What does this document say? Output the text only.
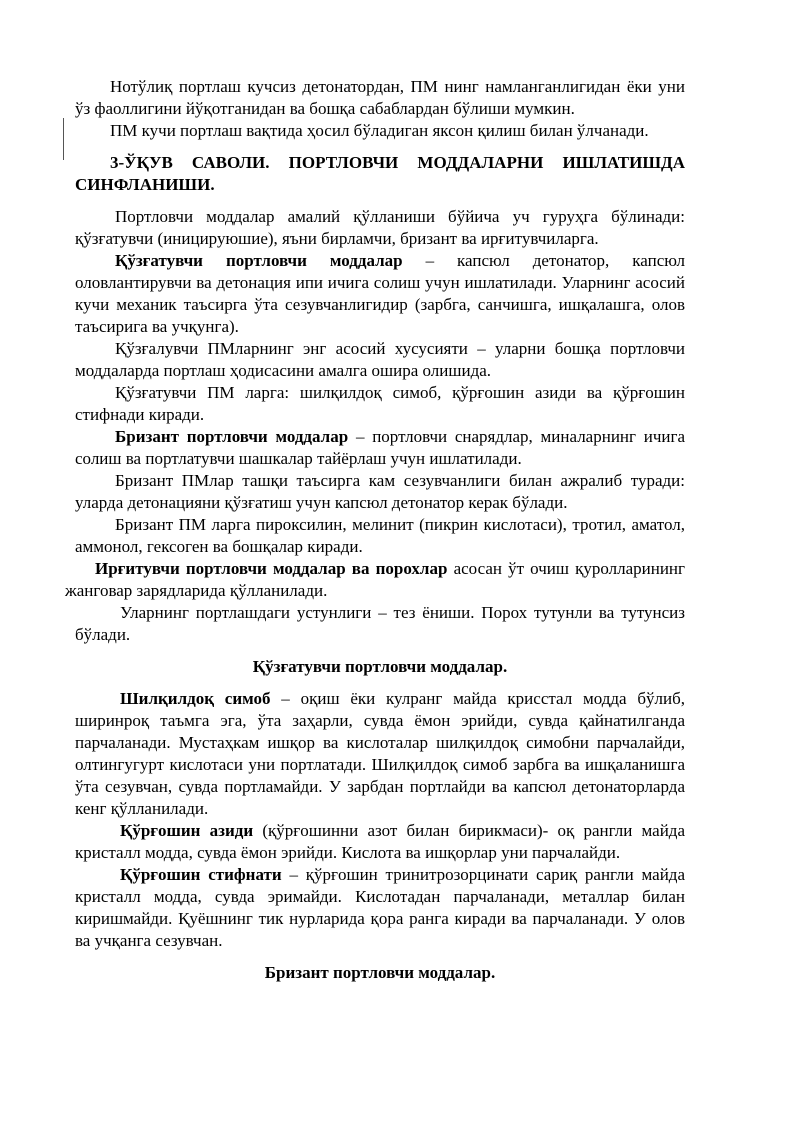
Нотўлиқ портлаш кучсиз детонатордан, ПМ нинг намланганлигидан ёки уни ўз фаоллигини йўқотганидан ва бошқа сабаблардан бўлиши мумкин.

ПМ кучи портлаш вақтида ҳосил бўладиган яксон қилиш билан ўлчанади.

3-ЎҚУВ САВОЛИ. ПОРТЛОВЧИ МОДДАЛАРНИ ИШЛАТИШДА СИНФЛАНИШИ.

Портловчи моддалар амалий қўлланиши бўйича уч гуруҳга бўлинади: қўзғатувчи (иницируюшие), яъни бирламчи, бризант ва ирғитувчиларга.

Қўзғатувчи портловчи моддалар – капсюл детонатор, капсюл оловлантирувчи ва детонация ипи ичига солиш учун ишлатилади. Уларнинг асосий кучи механик таъсирга ўта сезувчанлигидир (зарбга, санчишга, ишқалашга, олов таъсирига ва учқунга).

Қўзғалувчи ПМларнинг энг асосий хусусияти – уларни бошқа портловчи моддаларда портлаш ҳодисасини амалга ошира олишида.

Қўзғатувчи ПМ ларга: шилқилдоқ симоб, қўрғошин азиди ва қўрғошин стифнади киради.

Бризант портловчи моддалар – портловчи снарядлар, миналарнинг ичига солиш ва портлатувчи шашкалар тайёрлаш учун ишлатилади.

Бризант ПМлар ташқи таъсирга кам сезувчанлиги билан ажралиб туради: уларда детонацияни қўзғатиш учун капсюл детонатор керак бўлади.

Бризант ПМ ларга пироксилин, мелинит (пикрин кислотаси), тротил, аматол, аммонол, гексоген ва бошқалар киради.

Ирғитувчи портловчи моддалар ва порохлар асосан ўт очиш қуролларининг жанговар зарядларида қўлланилади.

Уларнинг портлашдаги устунлиги – тез ёниши. Порох тутунли ва тутунсиз бўлади.

Қўзғатувчи портловчи моддалар.

Шилқилдоқ симоб – оқиш ёки кулранг майда крисстал модда бўлиб, ширинроқ таъмга эга, ўта заҳарли, сувда ёмон эрийди, сувда қайнатилганда парчаланади. Мустаҳкам ишқор ва кислоталар шилқилдоқ симобни парчалайди, олтингугурт кислотаси уни портлатади. Шилқилдоқ симоб зарбга ва ишқаланишга ўта сезувчан, сувда портламайди. У зарбдан портлайди ва капсюл детонаторларда кенг қўлланилади.

Қўрғошин азиди (қўрғошинни азот билан бирикмаси)- оқ рангли майда кристалл модда, сувда ёмон эрийди. Кислота ва ишқорлар уни парчалайди.

Қўрғошин стифнати – қўрғошин тринитрозорцинати сариқ рангли майда кристалл модда, сувда эримайди. Кислотадан парчаланади, металлар билан киришмайди. Қуёшнинг тик нурларида қора ранга киради ва парчаланади. У олов ва учқанга сезувчан.

Бризант портловчи моддалар.
